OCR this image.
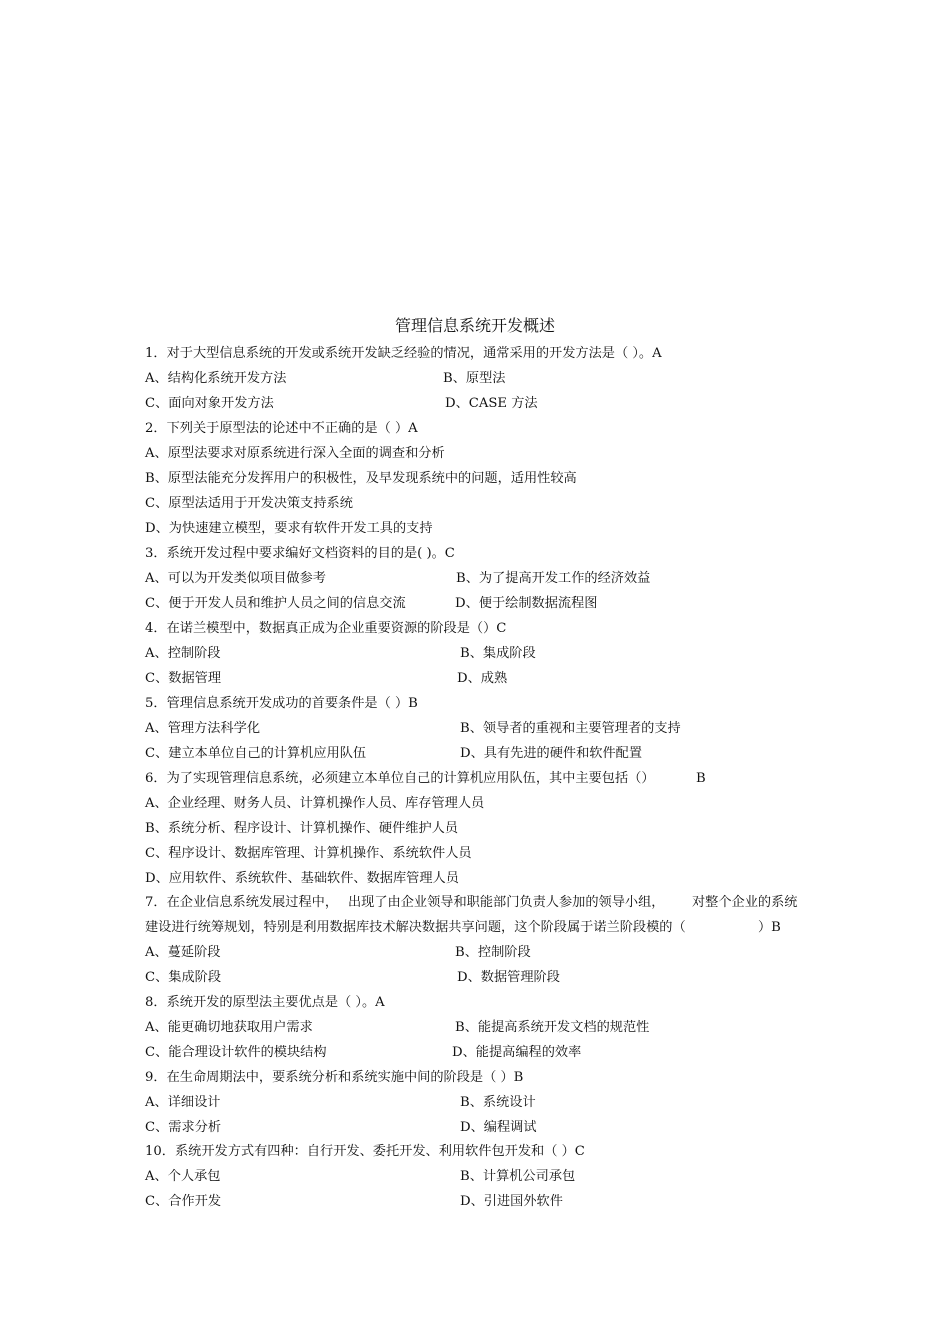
管理信息系统开发概述
1．对于大型信息系统的开发或系统开发缺乏经验的情况，通常采用的开发方法是（ ）。A
A、结构化系统开发方法	B、原型法
C、面向对象开发方法	D、CASE 方法
2．下列关于原型法的论述中不正确的是（ ）A
A、原型法要求对原系统进行深入全面的调查和分析
B、原型法能充分发挥用户的积极性，及早发现系统中的问题，适用性较高
C、原型法适用于开发决策支持系统
D、为快速建立模型，要求有软件开发工具的支持
3．系统开发过程中要求编好文档资料的目的是( )。C
A、可以为开发类似项目做参考	B、为了提高开发工作的经济效益
C、便于开发人员和维护人员之间的信息交流	D、便于绘制数据流程图
4．在诺兰模型中，数据真正成为企业重要资源的阶段是（）C
A、控制阶段	B、集成阶段
C、数据管理	D、成熟
5．管理信息系统开发成功的首要条件是（ ）B
A、管理方法科学化	B、领导者的重视和主要管理者的支持
C、建立本单位自己的计算机应用队伍	D、具有先进的硬件和软件配置
6．为了实现管理信息系统，必须建立本单位自己的计算机应用队伍，其中主要包括（）	B
A、企业经理、财务人员、计算机操作人员、库存管理人员
B、系统分析、程序设计、计算机操作、硬件维护人员
C、程序设计、数据库管理、计算机操作、系统软件人员
D、应用软件、系统软件、基础软件、数据库管理人员
7．在企业信息系统发展过程中， 出现了由企业领导和职能部门负责人参加的领导小组， 对整个企业的系统
建设进行统筹规划，特别是利用数据库技术解决数据共享问题，这个阶段属于诺兰阶段模的（	）B
A、蔓延阶段	B、控制阶段
C、集成阶段	D、数据管理阶段
8．系统开发的原型法主要优点是（ ）。A
A、能更确切地获取用户需求	B、能提高系统开发文档的规范性
C、能合理设计软件的模块结构	D、能提高编程的效率
9．在生命周期法中，要系统分析和系统实施中间的阶段是（ ）B
A、详细设计	B、系统设计
C、需求分析	D、编程调试
10．系统开发方式有四种：自行开发、委托开发、利用软件包开发和（ ）C
A、个人承包	B、计算机公司承包
C、合作开发	D、引进国外软件
